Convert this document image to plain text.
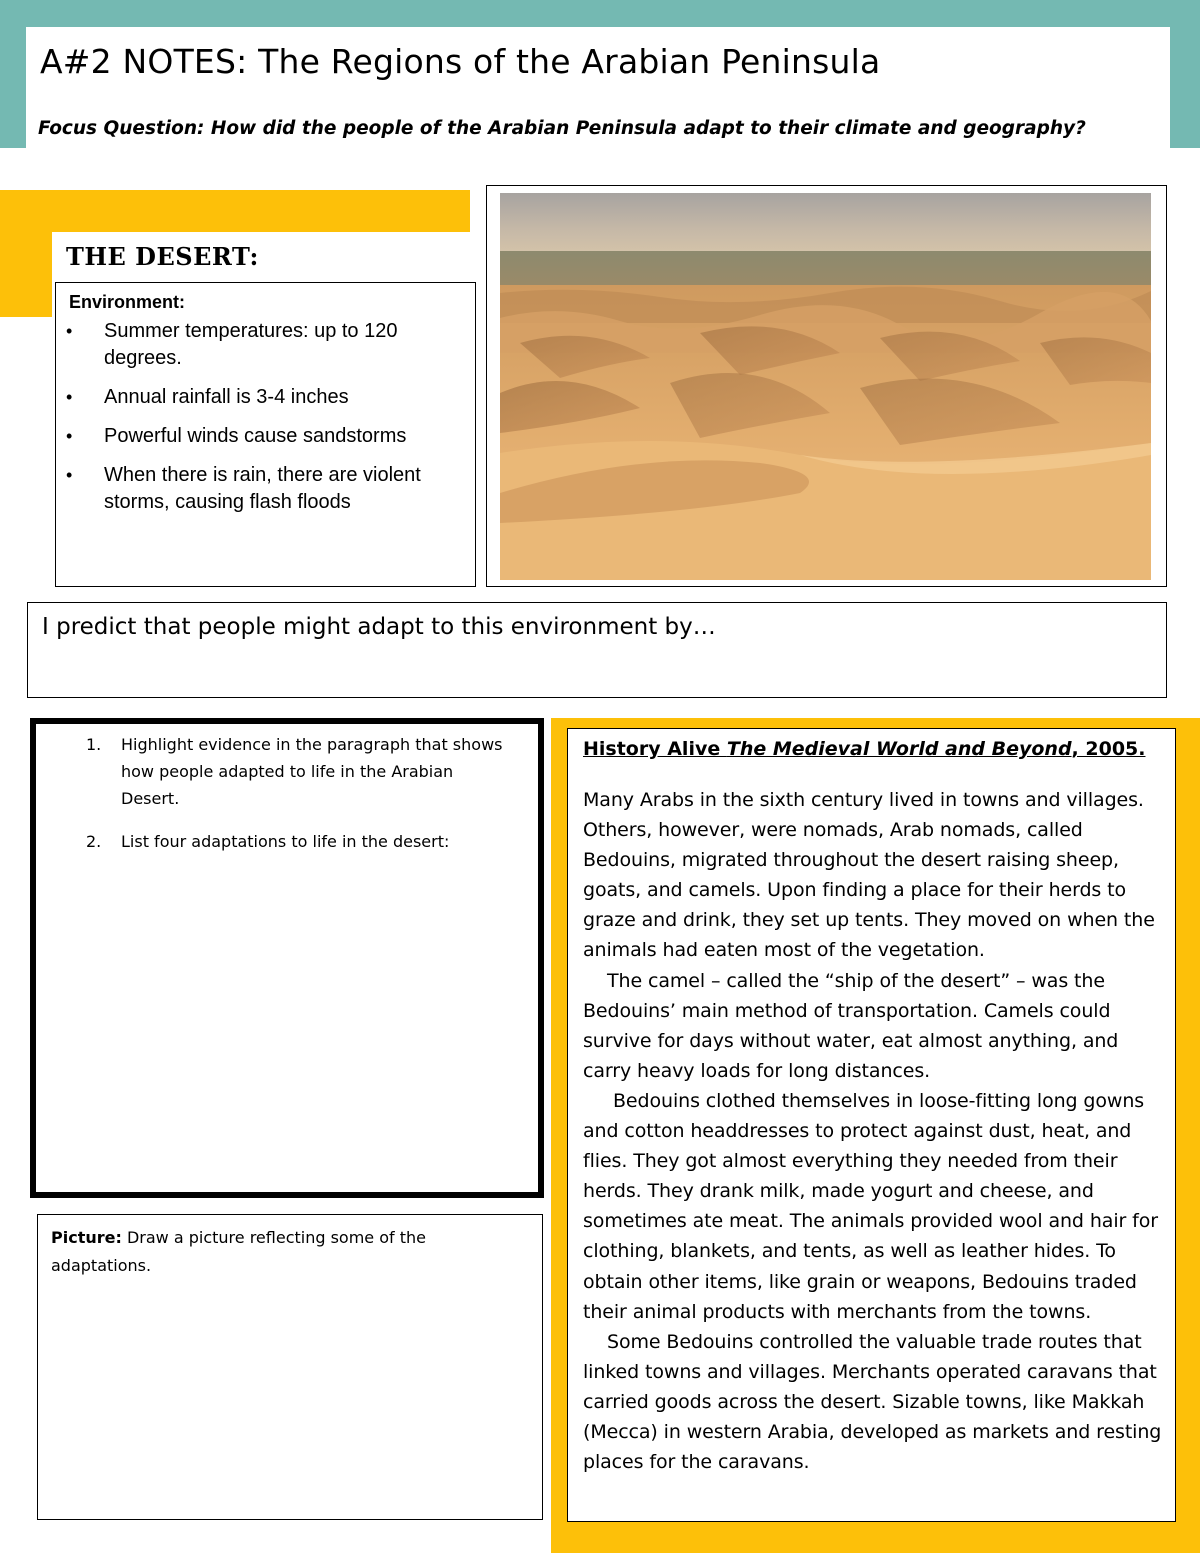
A#2 NOTES: The Regions of the Arabian Peninsula
Focus Question: How did the people of the Arabian Peninsula adapt to their climate and geography?
THE DESERT:
Environment:
• Summer temperatures: up to 120 degrees.
• Annual rainfall is 3-4 inches
• Powerful winds cause sandstorms
• When there is rain, there are violent storms, causing flash floods
I predict that people might adapt to this environment by…
1. Highlight evidence in the paragraph that shows how people adapted to life in the Arabian Desert.
2. List four adaptations to life in the desert:
Picture: Draw a picture reflecting some of the adaptations.
History Alive The Medieval World and Beyond, 2005.

Many Arabs in the sixth century lived in towns and villages. Others, however, were nomads, Arab nomads, called Bedouins, migrated throughout the desert raising sheep, goats, and camels. Upon finding a place for their herds to graze and drink, they set up tents. They moved on when the animals had eaten most of the vegetation.

The camel – called the “ship of the desert” – was the Bedouins’ main method of transportation. Camels could survive for days without water, eat almost anything, and carry heavy loads for long distances.

Bedouins clothed themselves in loose-fitting long gowns and cotton headdresses to protect against dust, heat, and flies. They got almost everything they needed from their herds. They drank milk, made yogurt and cheese, and sometimes ate meat. The animals provided wool and hair for clothing, blankets, and tents, as well as leather hides. To obtain other items, like grain or weapons, Bedouins traded their animal products with merchants from the towns.

Some Bedouins controlled the valuable trade routes that linked towns and villages. Merchants operated caravans that carried goods across the desert. Sizable towns, like Makkah (Mecca) in western Arabia, developed as markets and resting places for the caravans.
